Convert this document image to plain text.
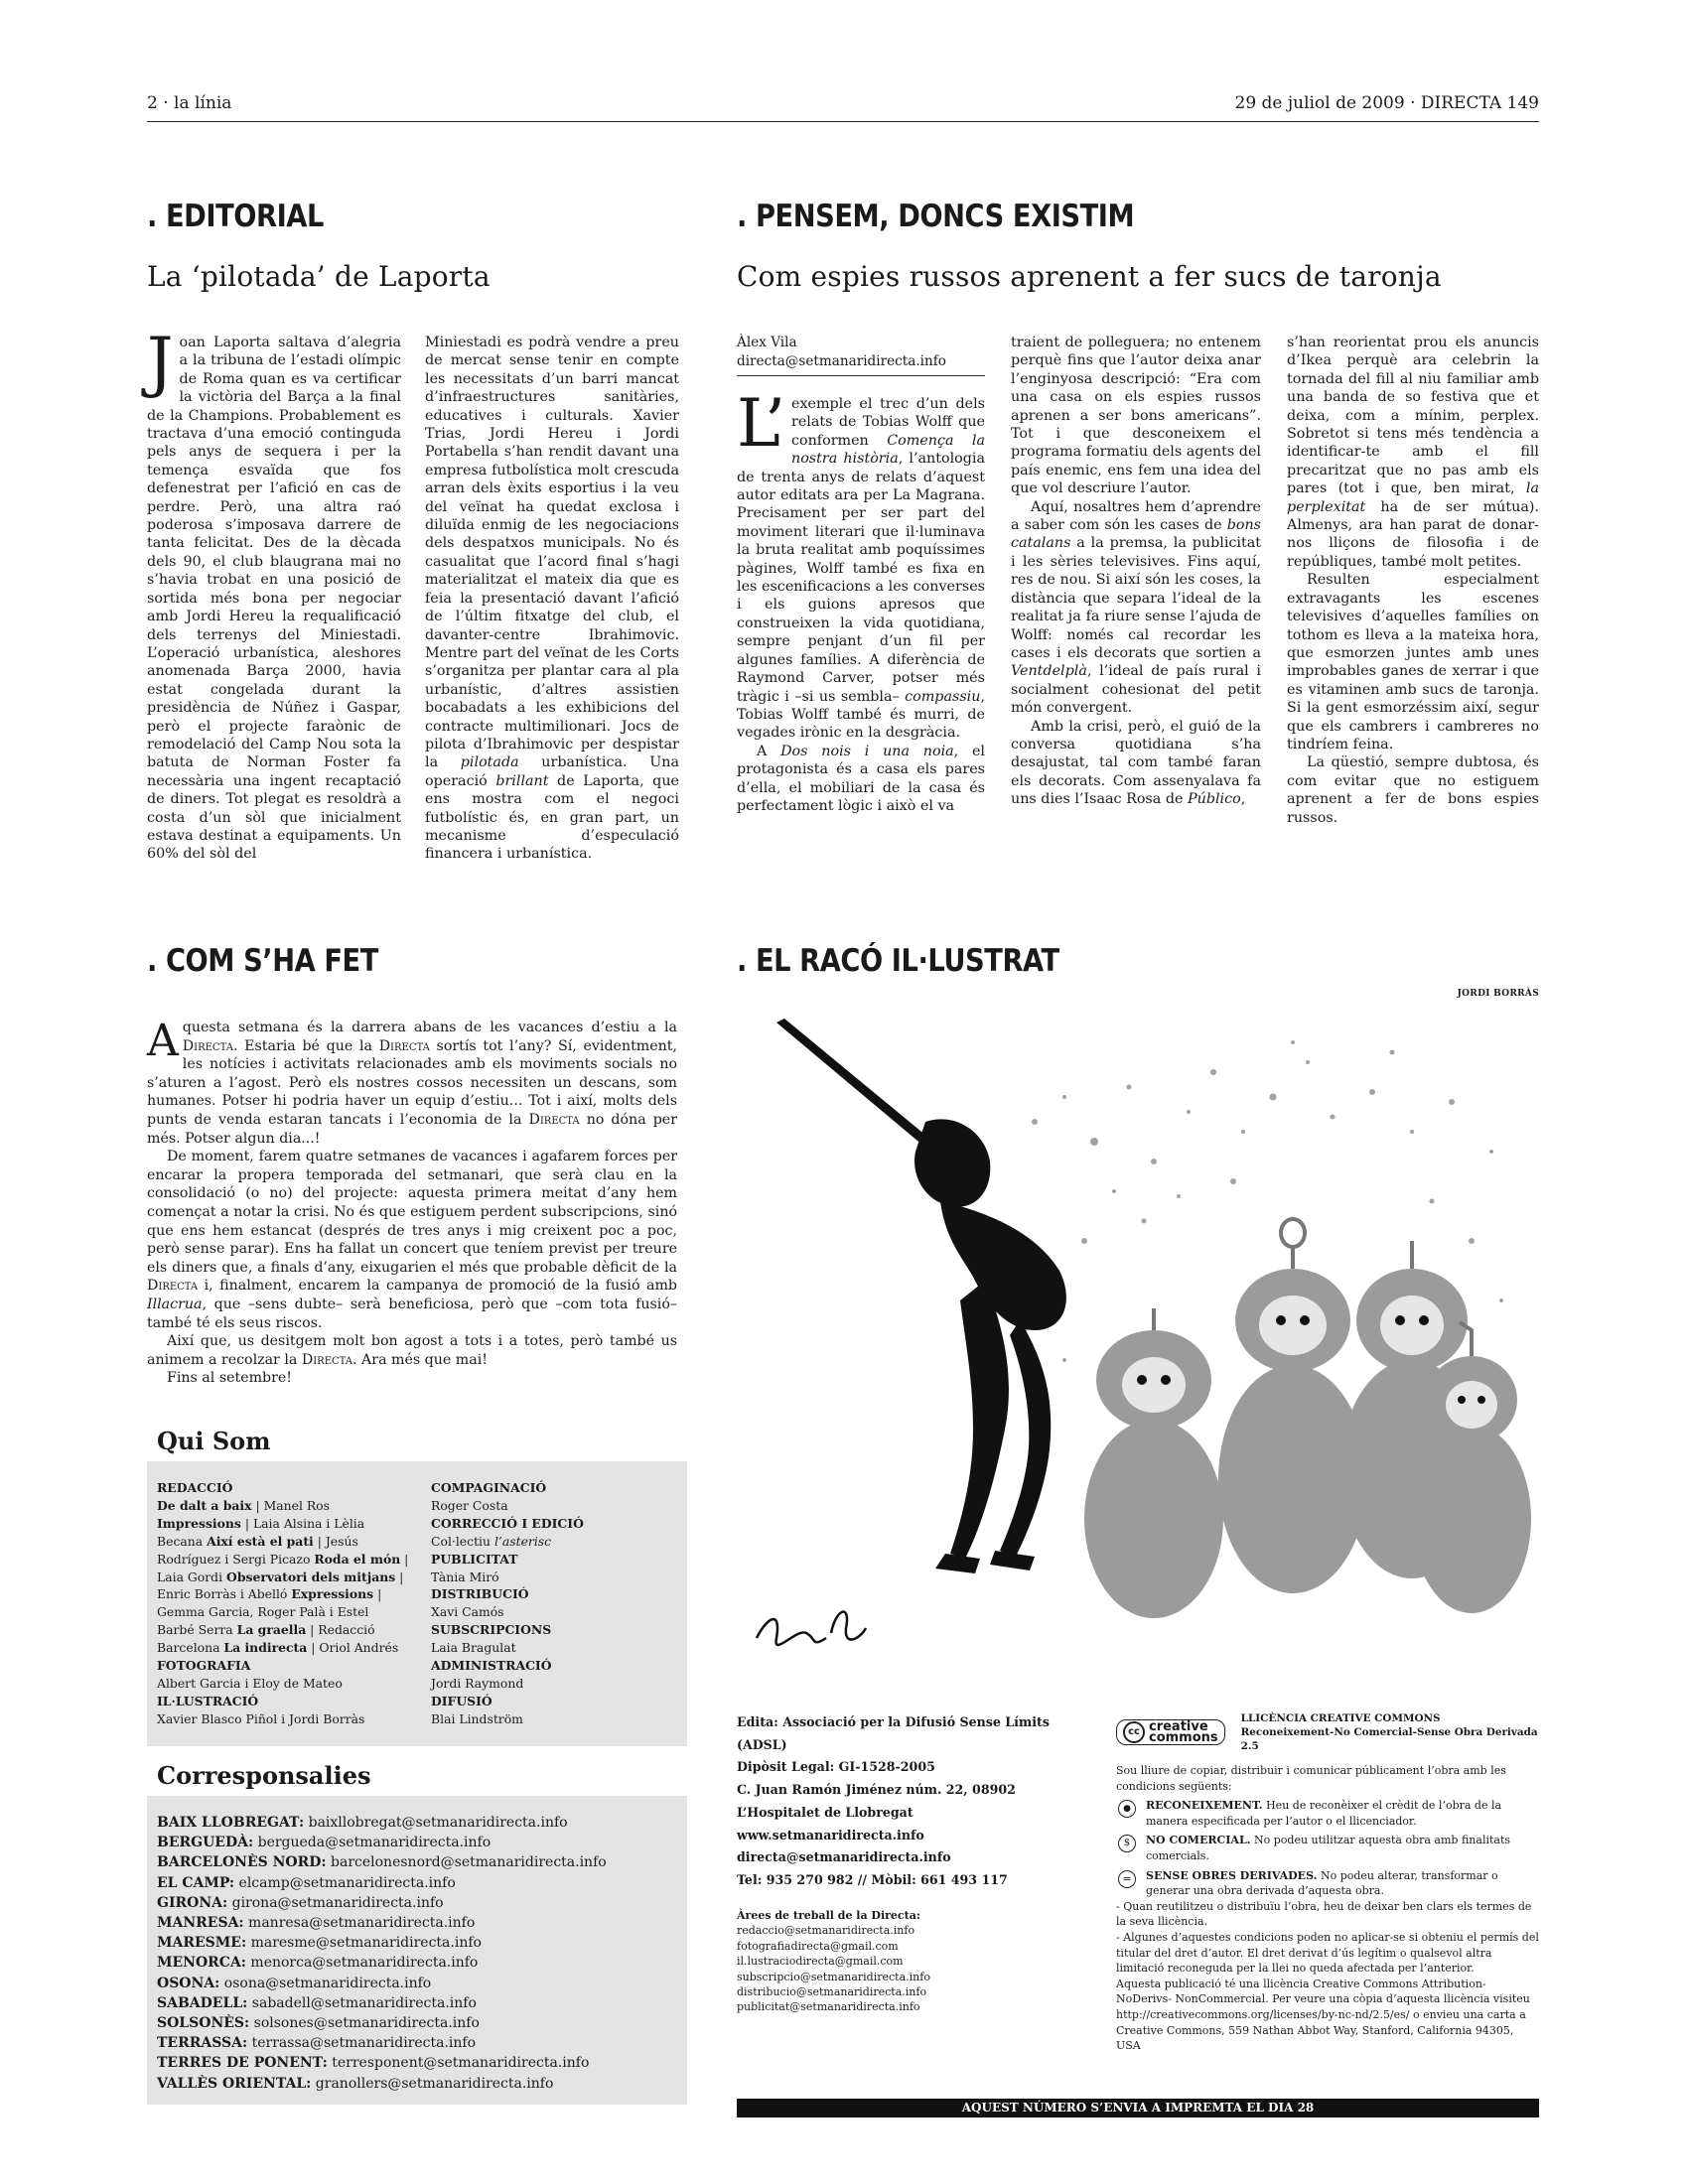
2 · la línia	29 de juliol de 2009 · DIRECTA 149
. EDITORIAL
La ‘pilotada’ de Laporta
Joan Laporta saltava d’alegria a la tribuna de l’estadi olímpic de Roma quan es va certificar la victòria del Barça a la final de la Champions. Probablement es tractava d’una emoció continguda pels anys de sequera i per la temença esvaïda que fos defenestrat per l’afició en cas de perdre. Però, una altra raó poderosa s’imposava darrere de tanta felicitat. Des de la dècada dels 90, el club blaugrana mai no s’havia trobat en una posició de sortida més bona per negociar amb Jordi Hereu la requalificació dels terrenys del Miniestadi. L’operació urbanística, aleshores anomenada Barça 2000, havia estat congelada durant la presidència de Núñez i Gaspar, però el projecte faraònic de remodelació del Camp Nou sota la batuta de Norman Foster fa necessària una ingent recaptació de diners. Tot plegat es resoldrà a costa d’un sòl que inicialment estava destinat a equipaments. Un 60% del sòl del
Miniestadi es podrà vendre a preu de mercat sense tenir en compte les necessitats d’un barri mancat d’infraestructures sanitàries, educatives i culturals. Xavier Trias, Jordi Hereu i Jordi Portabella s’han rendit davant una empresa futbolística molt crescuda arran dels èxits esportius i la veu del veïnat ha quedat exclosa i diluïda enmig de les negociacions dels despatxos municipals. No és casualitat que l’acord final s’hagi materialitzat el mateix dia que es feia la presentació davant l’afició de l’últim fitxatge del club, el davanter-centre Ibrahimovic. Mentre part del veïnat de les Corts s’organitza per plantar cara al pla urbanístic, d’altres assistien bocabadats a les exhibicions del contracte multimilionari. Jocs de pilota d’Ibrahimovic per despistar la pilotada urbanística. Una operació brillant de Laporta, que ens mostra com el negoci futbolístic és, en gran part, un mecanisme d’especulació financera i urbanística.
. PENSEM, DONCS EXISTIM
Com espies russos aprenent a fer sucs de taronja
Àlex Vila
directa@setmanaridirecta.info

L’ exemple el trec d’un dels relats de Tobias Wolff que conformen Comença la nostra història, l’antologia de trenta anys de relats d’aquest autor editats ara per La Magrana. Precisament per ser part del moviment literari que il·luminava la bruta realitat amb poquíssimes pàgines, Wolff també es fixa en les escenificacions a les converses i els guions apresos que construeixen la vida quotidiana, sempre penjant d’un fil per algunes famílies. A diferència de Raymond Carver, potser més tràgic i –si us sembla– compassiu, Tobias Wolff també és murri, de vegades irònic en la desgràcia.

A Dos nois i una noia, el protagonista és a casa els pares d’ella, el mobiliari de la casa és perfectament lògic i això el va

traient de polleguera; no entenem perquè fins que l’autor deixa anar l’enginyosa descripció: “Era com una casa on els espies russos aprenen a ser bons americans”. Tot i que desconeixem el programa formatiu dels agents del país enemic, ens fem una idea del que vol descriure l’autor.

Aquí, nosaltres hem d’aprendre a saber com són les cases de bons catalans a la premsa, la publicitat i les sèries televisives. Fins aquí, res de nou. Si així són les coses, la distància que separa l’ideal de la realitat ja fa riure sense l’ajuda de Wolff: només cal recordar les cases i els decorats que sortien a Ventdelplà, l’ideal de país rural i socialment cohesionat del petit món convergent.

Amb la crisi, però, el guió de la conversa quotidiana s’ha desajustat, tal com també faran els decorats. Com assenyalava fa uns dies l’Isaac Rosa de Público,

s’han reorientat prou els anuncis d’Ikea perquè ara celebrin la tornada del fill al niu familiar amb una banda de so festiva que et deixa, com a mínim, perplex. Sobretot si tens més tendència a identificar-te amb el fill precaritzat que no pas amb els pares (tot i que, ben mirat, la perplexitat ha de ser mútua). Almenys, ara han parat de donar-nos lliçons de filosofia i de repúbliques, també molt petites.

Resulten especialment extravagants les escenes televisives d’aquelles famílies on tothom es lleva a la mateixa hora, que esmorzen juntes amb unes improbables ganes de xerrar i que es vitaminen amb sucs de taronja. Si la gent esmorzéssim així, segur que els cambrers i cambreres no tindríem feina.

La qüestió, sempre dubtosa, és com evitar que no estiguem aprenent a fer de bons espies russos.

. COM S’HA FET

Aquesta setmana és la darrera abans de les vacances d’estiu a la Directa. Estaria bé que la Directa sortís tot l’any? Sí, evidentment, les notícies i activitats relacionades amb els moviments socials no s’aturen a l’agost. Però els nostres cossos necessiten un descans, som humanes. Potser hi podria haver un equip d’estiu... Tot i així, molts dels punts de venda estaran tancats i l’economia de la Directa no dóna per més. Potser algun dia...!

De moment, farem quatre setmanes de vacances i agafarem forces per encarar la propera temporada del setmanari, que serà clau en la consolidació (o no) del projecte: aquesta primera meitat d’any hem començat a notar la crisi. No és que estiguem perdent subscripcions, sinó que ens hem estancat (després de tres anys i mig creixent poc a poc, però sense parar). Ens ha fallat un concert que teníem previst per treure els diners que, a finals d’any, eixugarien el més que probable dèficit de la Directa i, finalment, encarem la campanya de promoció de la fusió amb Illacrua, que –sens dubte– serà beneficiosa, però que –com tota fusió– també té els seus riscos.

Així que, us desitgem molt bon agost a tots i a totes, però també us animem a recolzar la Directa. Ara més que mai!

Fins al setembre!

Qui Som
REDACCIÓ
De dalt a baix | Manel Ros
Impressions | Laia Alsina i Lèlia
Becana Així està el pati | Jesús
Rodríguez i Sergi Picazo Roda el món |
Laia Gordi Observatori dels mitjans |
Enric Borràs i Abelló Expressions |
Gemma Garcia, Roger Palà i Estel
Barbé Serra La graella | Redacció
Barcelona La indirecta | Oriol Andrés
FOTOGRAFIA
Albert Garcia i Eloy de Mateo
IL·LUSTRACIÓ
Xavier Blasco Piñol i Jordi Borràs
COMPAGINACIÓ
Roger Costa
CORRECCIÓ I EDICIÓ
Col·lectiu l’asterisc
PUBLICITAT
Tània Miró
DISTRIBUCIÓ
Xavi Camós
SUBSCRIPCIONS
Laia Bragulat
ADMINISTRACIÓ
Jordi Raymond
DIFUSIÓ
Blai Lindström
Corresponsalies
BAIX LLOBREGAT: baixllobregat@setmanaridirecta.info
BERGUEDÀ: bergueda@setmanaridirecta.info
BARCELONÈS NORD: barcelonesnord@setmanaridirecta.info
EL CAMP: elcamp@setmanaridirecta.info
GIRONA: girona@setmanaridirecta.info
MANRESA: manresa@setmanaridirecta.info
MARESME: maresme@setmanaridirecta.info
MENORCA: menorca@setmanaridirecta.info
OSONA: osona@setmanaridirecta.info
SABADELL: sabadell@setmanaridirecta.info
SOLSONÈS: solsones@setmanaridirecta.info
TERRASSA: terrassa@setmanaridirecta.info
TERRES DE PONENT: terresponent@setmanaridirecta.info
VALLÈS ORIENTAL: granollers@setmanaridirecta.info
. EL RACÓ IL·LUSTRAT
JORDI BORRÀS
Edita: Associació per la Difusió Sense Límits (ADSL)
Dipòsit Legal: GI-1528-2005
C. Juan Ramón Jiménez núm. 22, 08902
L’Hospitalet de Llobregat
www.setmanaridirecta.info
directa@setmanaridirecta.info
Tel: 935 270 982 // Mòbil: 661 493 117
Àrees de treball de la Directa:
redaccio@setmanaridirecta.info
fotografiadirecta@gmail.com
il.lustraciodirecta@gmail.com
subscripcio@setmanaridirecta.info
distribucio@setmanaridirecta.info
publicitat@setmanaridirecta.info
cc creative
commons
LLICÈNCIA CREATIVE COMMONS
Reconeixement-No Comercial-Sense Obra Derivada 2.5
Sou lliure de copiar, distribuir i comunicar públicament l’obra amb les condicions següents:
●	RECONEIXEMENT. Heu de reconèixer el crèdit de l’obra de la manera especificada per l’autor o el llicenciador.
$	NO COMERCIAL. No podeu utilitzar aquesta obra amb finalitats comercials.
=	SENSE OBRES DERIVADES. No podeu alterar, transformar o generar una obra derivada d’aquesta obra.
- Quan reutilitzeu o distribuïu l’obra, heu de deixar ben clars els termes de la seva llicència.
- Algunes d’aquestes condicions poden no aplicar-se si obteniu el permís del titular del dret d’autor. El dret derivat d’ús legítim o qualsevol altra limitació reconeguda per la llei no queda afectada per l’anterior.
Aquesta publicació té una llicència Creative Commons Attribution-NoDerivs- NonCommercial. Per veure una còpia d’aquesta llicència visiteu http://creativecommons.org/licenses/by-nc-nd/2.5/es/ o envieu una carta a Creative Commons, 559 Nathan Abbot Way, Stanford, California 94305, USA
AQUEST NÚMERO S’ENVIA A IMPREMTA EL DIA 28
